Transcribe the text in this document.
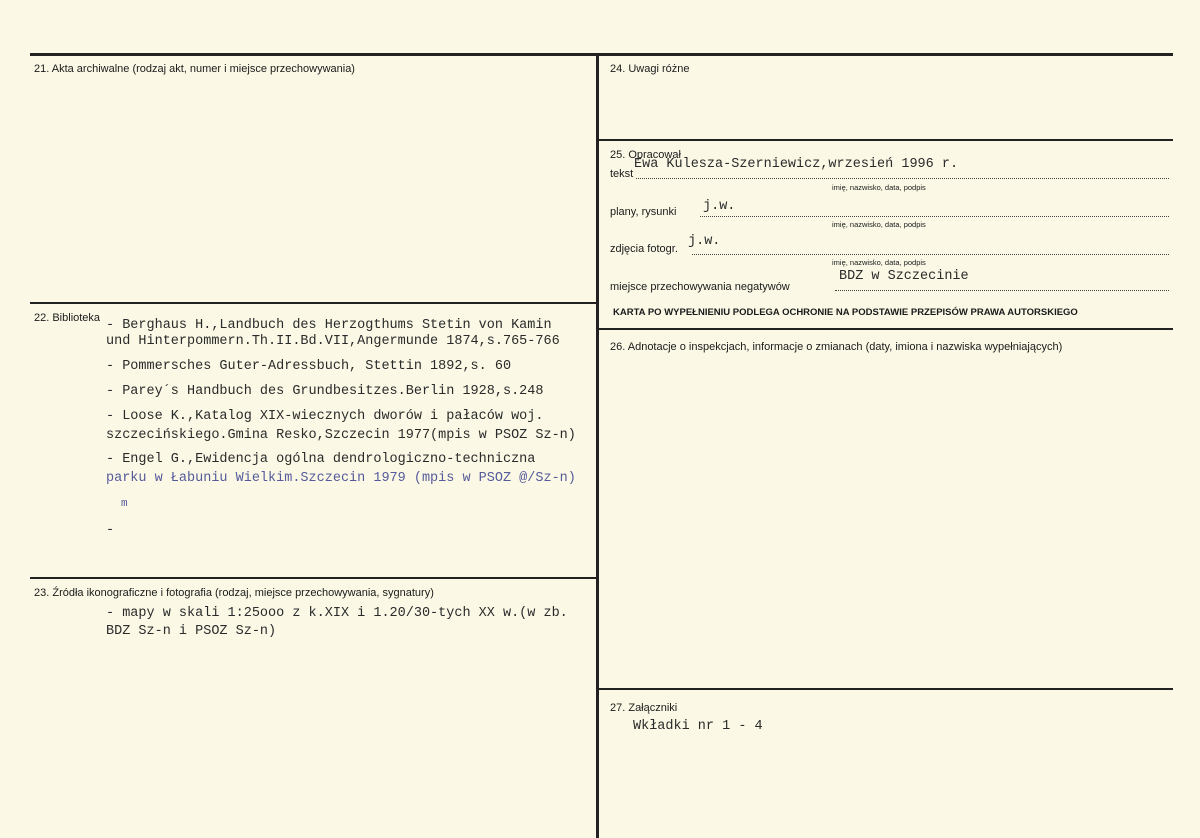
21. Akta archiwalne (rodzaj akt, numer i miejsce przechowywania)
22. Biblioteka - Berghaus H.,Landbuch des Herzogthums Stetin von Kamin
und Hinterpommern.Th.II.Bd.VII,Angermunde 1874,s.765-766
- Pommersches Guter-Adressbuch, Stettin 1892,s. 60
- Parey´s Handbuch des Grundbesitzes.Berlin 1928,s.248
- Loose K.,Katalog XIX-wiecznych dworów i pałaców woj.
szczecińskiego.Gmina Resko,Szczecin 1977(mpis w PSOZ Sz-n)
- Engel G.,Ewidencja ogólna dendrologiczno-techniczna
parku w Łabuniu Wielkim.Szczecin 1979 (mpis w PSOZ @/Sz-n)
m
-
23. Źródła ikonograficzne i fotografia (rodzaj, miejsce przechowywania, sygnatury)
- mapy w skali 1:25ooo z k.XIX i 1.20/30-tych XX w.(w zb.
BDZ Sz-n i PSOZ Sz-n)
24. Uwagi różne
25. Opracował
tekst
Ewa Kulesza-Szerniewicz,wrzesień 1996 r.
imię, nazwisko, data, podpis
plany, rysunki j.w.
imię, nazwisko, data, podpis
zdjęcia fotogr. j.w.
imię, nazwisko, data, podpis
miejsce przechowywania negatywów
BDZ w Szczecinie
KARTA PO WYPEŁNIENIU PODLEGA OCHRONIE NA PODSTAWIE PRZEPISÓW PRAWA AUTORSKIEGO
26. Adnotacje o inspekcjach, informacje o zmianach (daty, imiona i nazwiska wypełniających)
27. Załączniki
Wkładki nr 1 - 4
